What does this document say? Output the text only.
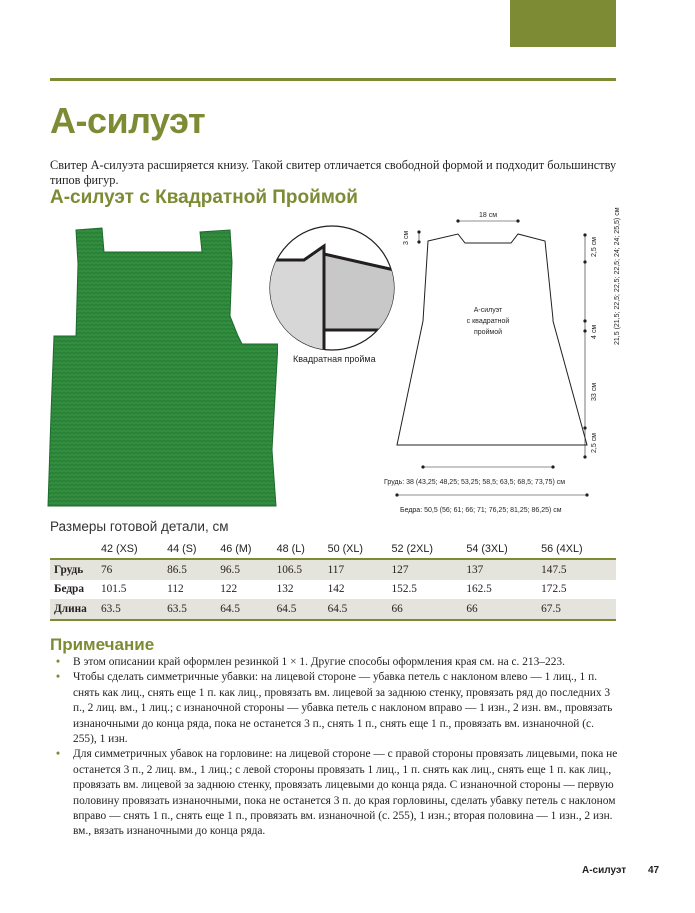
А-силуэт

Свитер А-силуэта расширяется книзу. Такой свитер отличается свободной формой и подходит большинству типов фигур.

А-силуэт с Квадратной Проймой
Квадратная пройма
18 см
3 см
А-силуэт
с квадратной
проймой
2,5 см
4 см
33 см
2,5 см
21,5 (21,5; 22,5; 22,5; 22,5; 24; 24; 25,5) см
Грудь: 38 (43,25; 48,25; 53,25; 58,5; 63,5; 68,5; 73,75) см
Бедра: 50,5 (56; 61; 66; 71; 76,25; 81,25; 86,25) см
Размеры готовой детали, см
	42 (XS)	44 (S)	46 (M)	48 (L)	50 (XL)	52 (2XL)	54 (3XL)	56 (4XL)
Грудь	76	86.5	96.5	106.5	117	127	137	147.5
Бедра	101.5	112	122	132	142	152.5	162.5	172.5
Длина	63.5	63.5	64.5	64.5	64.5	66	66	67.5
Примечание
• В этом описании край оформлен резинкой 1 × 1. Другие способы оформления края см. на с. 213–223.
• Чтобы сделать симметричные убавки: на лицевой стороне — убавка петель с наклоном влево — 1 лиц., 1 п. снять как лиц., снять еще 1 п. как лиц., провязать вм. лицевой за заднюю стенку, провязать ряд до последних 3 п., 2 лиц. вм., 1 лиц.; с изнаночной стороны — убавка петель с наклоном вправо — 1 изн., 2 изн. вм., провязать изнаночными до конца ряда, пока не останется 3 п., снять 1 п., снять еще 1 п., провязать вм. изнаночной (с. 255), 1 изн.
• Для симметричных убавок на горловине: на лицевой стороне — с правой стороны провязать лицевыми, пока не останется 3 п., 2 лиц. вм., 1 лиц.; с левой стороны провязать 1 лиц., 1 п. снять как лиц., снять еще 1 п. как лиц., провязать вм. лицевой за заднюю стенку, провязать лицевыми до конца ряда. С изнаночной стороны — первую половину провязать изнаночными, пока не останется 3 п. до края горловины, сделать убавку петель с наклоном вправо — снять 1 п., снять еще 1 п., провязать вм. изнаночной (с. 255), 1 изн.; вторая половина — 1 изн., 2 изн. вм., вязать изнаночными до конца ряда.
А-силуэт 47
